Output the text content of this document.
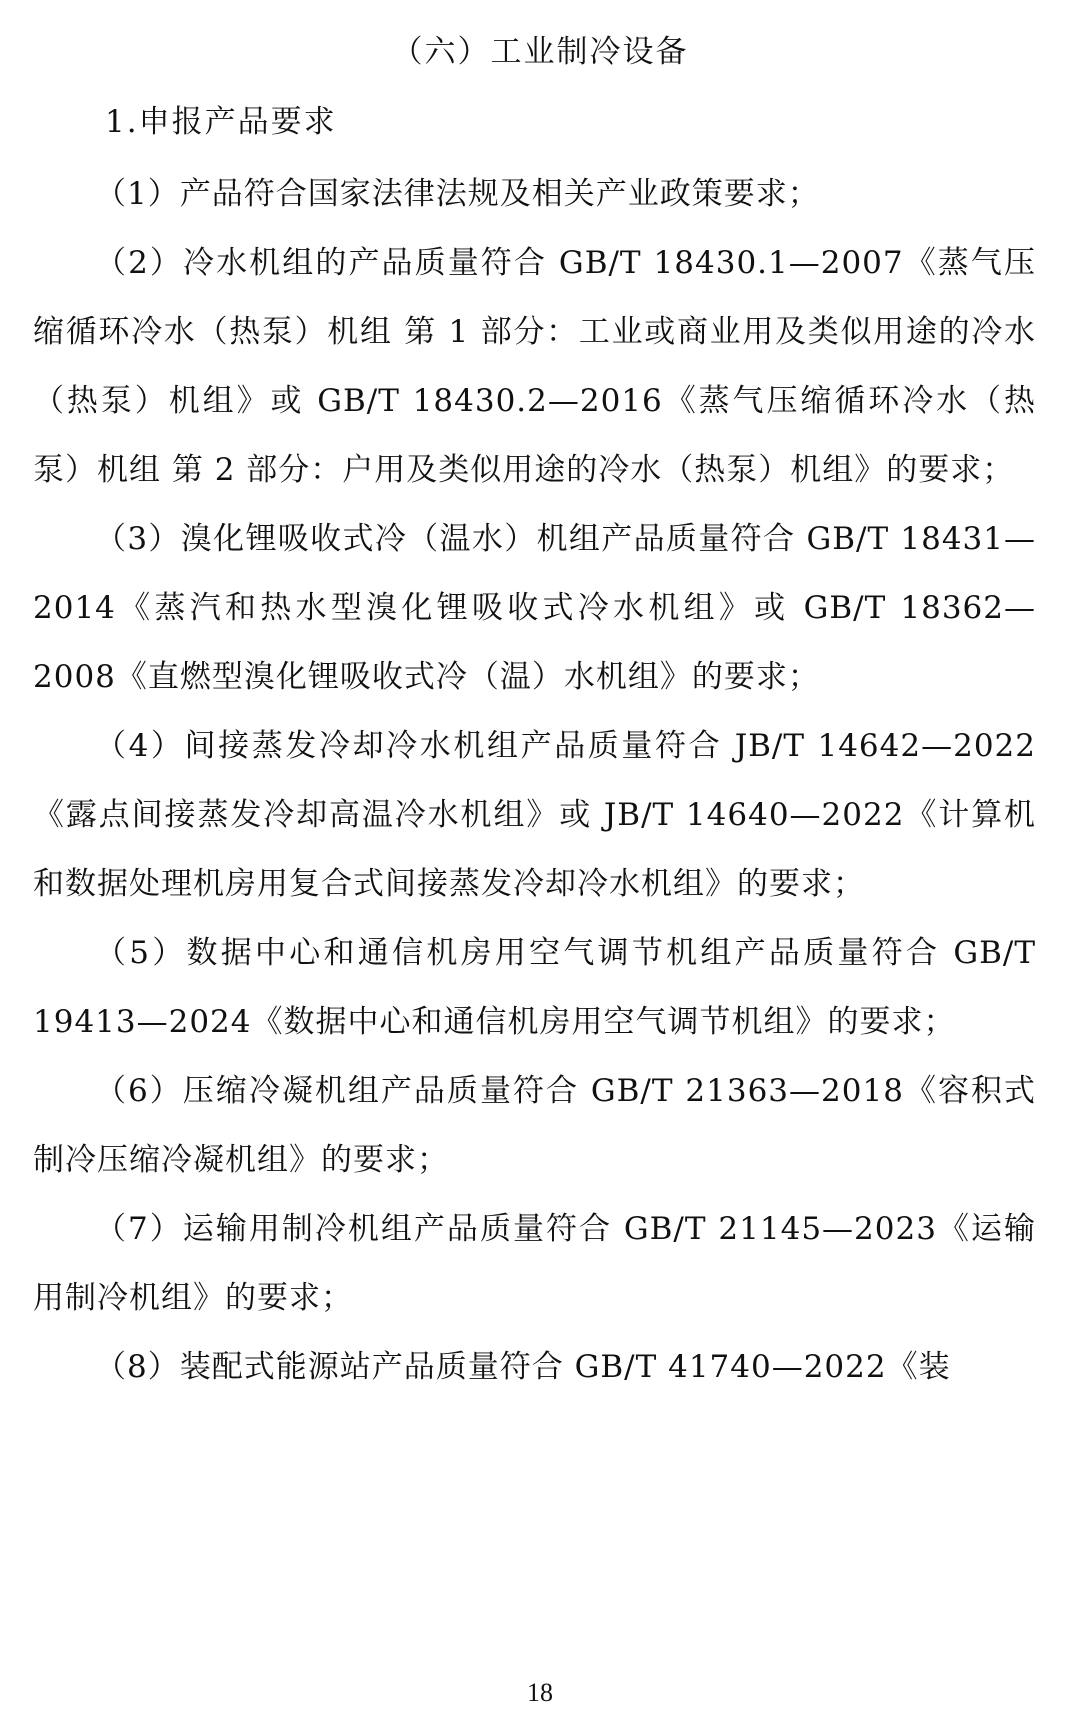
（六）工业制冷设备
1.申报产品要求

（1）产品符合国家法律法规及相关产业政策要求；

（2）冷水机组的产品质量符合 GB/T 18430.1—2007《蒸气压缩循环冷水（热泵）机组 第 1 部分：工业或商业用及类似用途的冷水（热泵）机组》或 GB/T 18430.2—2016《蒸气压缩循环冷水（热泵）机组 第 2 部分：户用及类似用途的冷水（热泵）机组》的要求；

（3）溴化锂吸收式冷（温水）机组产品质量符合 GB/T 18431—2014《蒸汽和热水型溴化锂吸收式冷水机组》或 GB/T 18362—2008《直燃型溴化锂吸收式冷（温）水机组》的要求；

（4）间接蒸发冷却冷水机组产品质量符合 JB/T 14642—2022《露点间接蒸发冷却高温冷水机组》或 JB/T 14640—2022《计算机和数据处理机房用复合式间接蒸发冷却冷水机组》的要求；

（5）数据中心和通信机房用空气调节机组产品质量符合 GB/T 19413—2024《数据中心和通信机房用空气调节机组》的要求；

（6）压缩冷凝机组产品质量符合 GB/T 21363—2018《容积式制冷压缩冷凝机组》的要求；

（7）运输用制冷机组产品质量符合 GB/T 21145—2023《运输用制冷机组》的要求；

（8）装配式能源站产品质量符合 GB/T 41740—2022《装

18
